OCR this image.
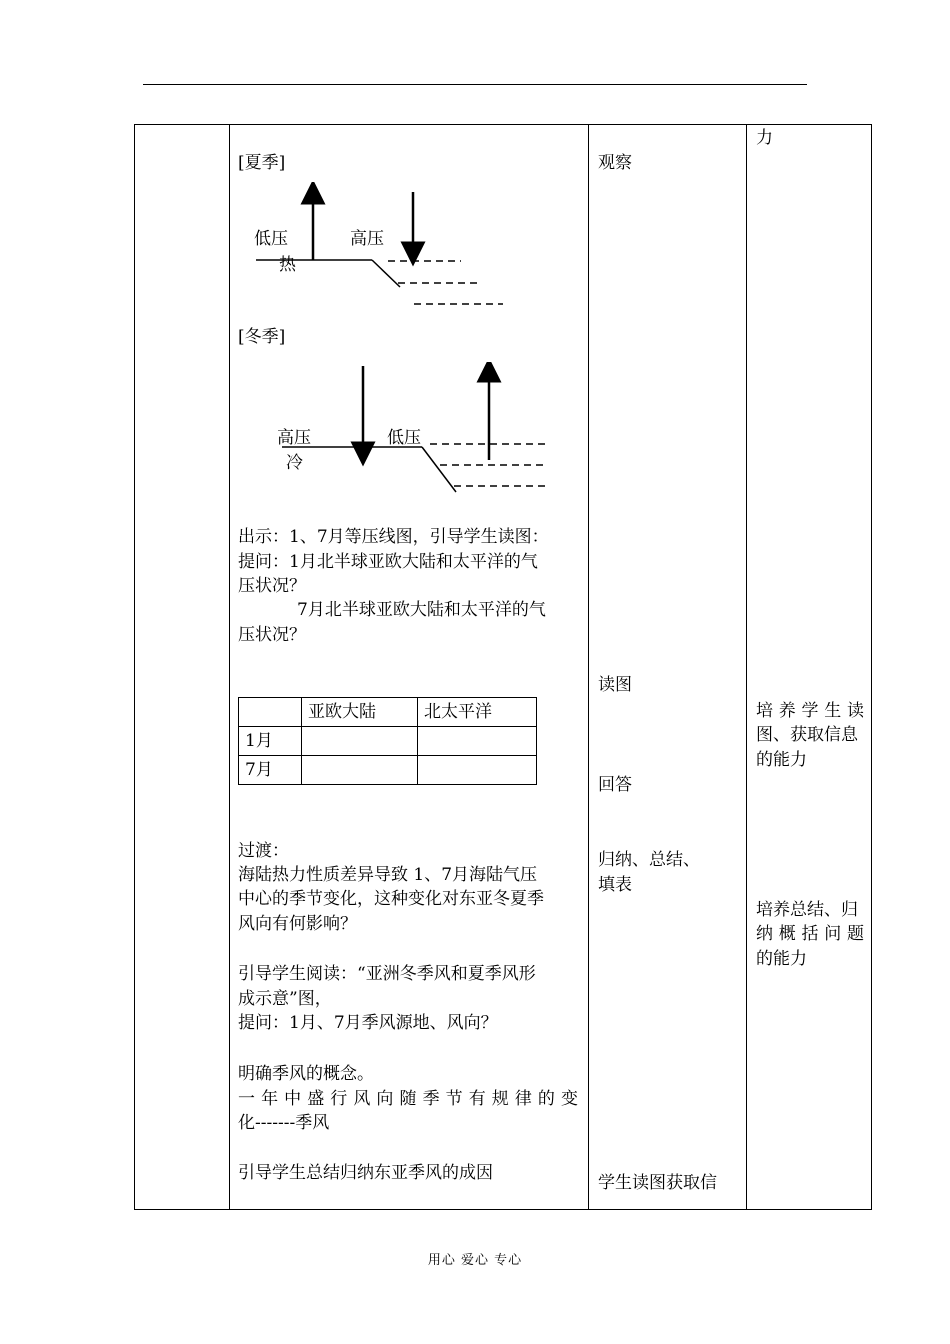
[夏季]
低压
热
高压
[冬季]
高压
冷
低压
出示：1、7月等压线图，引导学生读图：
提问：1月北半球亚欧大陆和太平洋的气
压状况？
7月北半球亚欧大陆和太平洋的气
压状况？
	亚欧大陆	北太平洋
1月		
7月		
过渡：
海陆热力性质差异导致 1、7月海陆气压
中心的季节变化，这种变化对东亚冬夏季
风向有何影响？
引导学生阅读：“亚洲冬季风和夏季风形
成示意”图，
提问：1月、7月季风源地、风向？
明确季风的概念。
一年中盛行风向随季节有规律的变
化-------季风
引导学生总结归纳东亚季风的成因
观察
读图
回答
归纳、总结、
填表
学生读图获取信
力
培养学生读
图、获取信息
的能力
培养总结、归
纳概括问题
的能力
用心 爱心 专心
